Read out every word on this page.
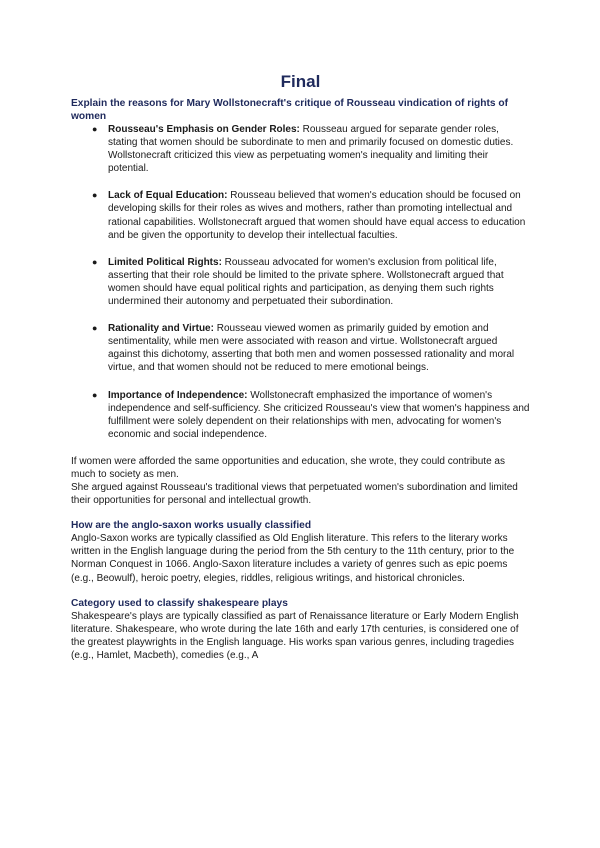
Final
Explain the reasons for Mary Wollstonecraft's critique of Rousseau vindication of rights of women
● Rousseau's Emphasis on Gender Roles: Rousseau argued for separate gender roles, stating that women should be subordinate to men and primarily focused on domestic duties. Wollstonecraft criticized this view as perpetuating women's inequality and limiting their potential.
● Lack of Equal Education: Rousseau believed that women's education should be focused on developing skills for their roles as wives and mothers, rather than promoting intellectual and rational capabilities. Wollstonecraft argued that women should have equal access to education and be given the opportunity to develop their intellectual faculties.
● Limited Political Rights: Rousseau advocated for women's exclusion from political life, asserting that their role should be limited to the private sphere. Wollstonecraft argued that women should have equal political rights and participation, as denying them such rights undermined their autonomy and perpetuated their subordination.
● Rationality and Virtue: Rousseau viewed women as primarily guided by emotion and sentimentality, while men were associated with reason and virtue. Wollstonecraft argued against this dichotomy, asserting that both men and women possessed rationality and moral virtue, and that women should not be reduced to mere emotional beings.
● Importance of Independence: Wollstonecraft emphasized the importance of women's independence and self-sufficiency. She criticized Rousseau's view that women's happiness and fulfillment were solely dependent on their relationships with men, advocating for women's economic and social independence.

If women were afforded the same opportunities and education, she wrote, they could contribute as much to society as men.

She argued against Rousseau's traditional views that perpetuated women's subordination and limited their opportunities for personal and intellectual growth.

How are the anglo-saxon works usually classified

Anglo-Saxon works are typically classified as Old English literature. This refers to the literary works written in the English language during the period from the 5th century to the 11th century, prior to the Norman Conquest in 1066. Anglo-Saxon literature includes a variety of genres such as epic poems (e.g., Beowulf), heroic poetry, elegies, riddles, religious writings, and historical chronicles.

Category used to classify shakespeare plays

Shakespeare's plays are typically classified as part of Renaissance literature or Early Modern English literature. Shakespeare, who wrote during the late 16th and early 17th centuries, is considered one of the greatest playwrights in the English language. His works span various genres, including tragedies (e.g., Hamlet, Macbeth), comedies (e.g., A
